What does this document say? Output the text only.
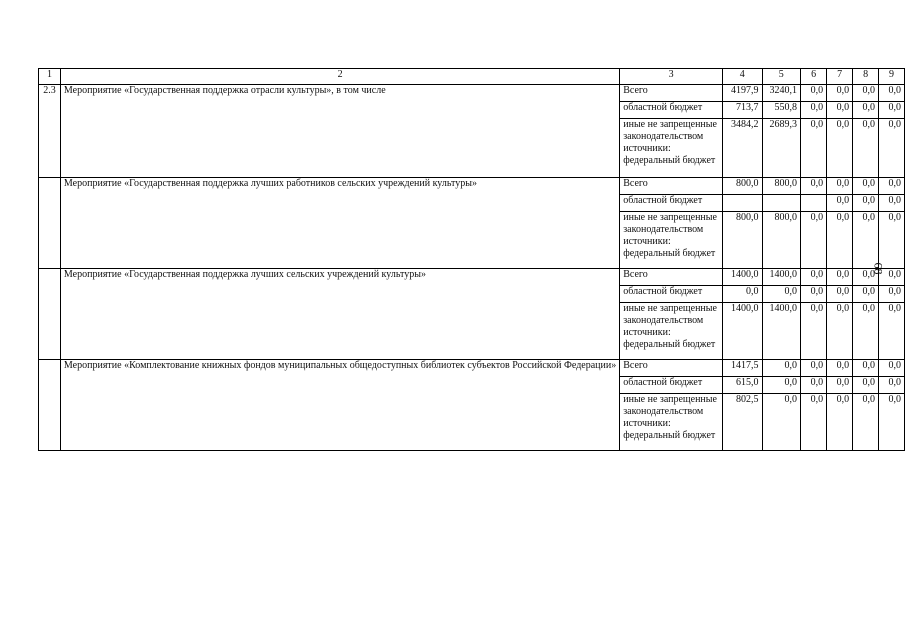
1	2	3	4	5	6	7	8	9
2.3	Мероприятие «Государственная поддержка отрасли культуры», в том числе	Всего	4197,9	3240,1	0,0	0,0	0,0	0,0
		областной бюджет	713,7	550,8	0,0	0,0	0,0	0,0

		иные не запрещенные
законодательством
источники:
федеральный бюджет	3484,2	2689,3	0,0	0,0	0,0	0,0
	Мероприятие «Государственная поддержка лучших работников сельских учреждений культуры»	Всего	800,0	800,0	0,0	0,0	0,0	0,0
		областной бюджет				0,0	0,0	0,0

		иные не запрещенные
законодательством
источники:
федеральный бюджет	800,0	800,0	0,0	0,0	0,0	0,0
	Мероприятие «Государственная поддержка лучших сельских учреждений культуры»	Всего	1400,0	1400,0	0,0	0,0	0,0	0,0
		областной бюджет	0,0	0,0	0,0	0,0	0,0	0,0

		иные не запрещенные
законодательством
источники:
федеральный бюджет	1400,0	1400,0	0,0	0,0	0,0	0,0
	Мероприятие «Комплектование книжных фондов муниципальных общедоступных библиотек субъектов Российской Федерации»	Всего	1417,5	0,0	0,0	0,0	0,0	0,0
		областной бюджет	615,0	0,0	0,0	0,0	0,0	0,0

		иные не запрещенные
законодательством
источники:
федеральный бюджет	802,5	0,0	0,0	0,0	0,0	0,0
68
